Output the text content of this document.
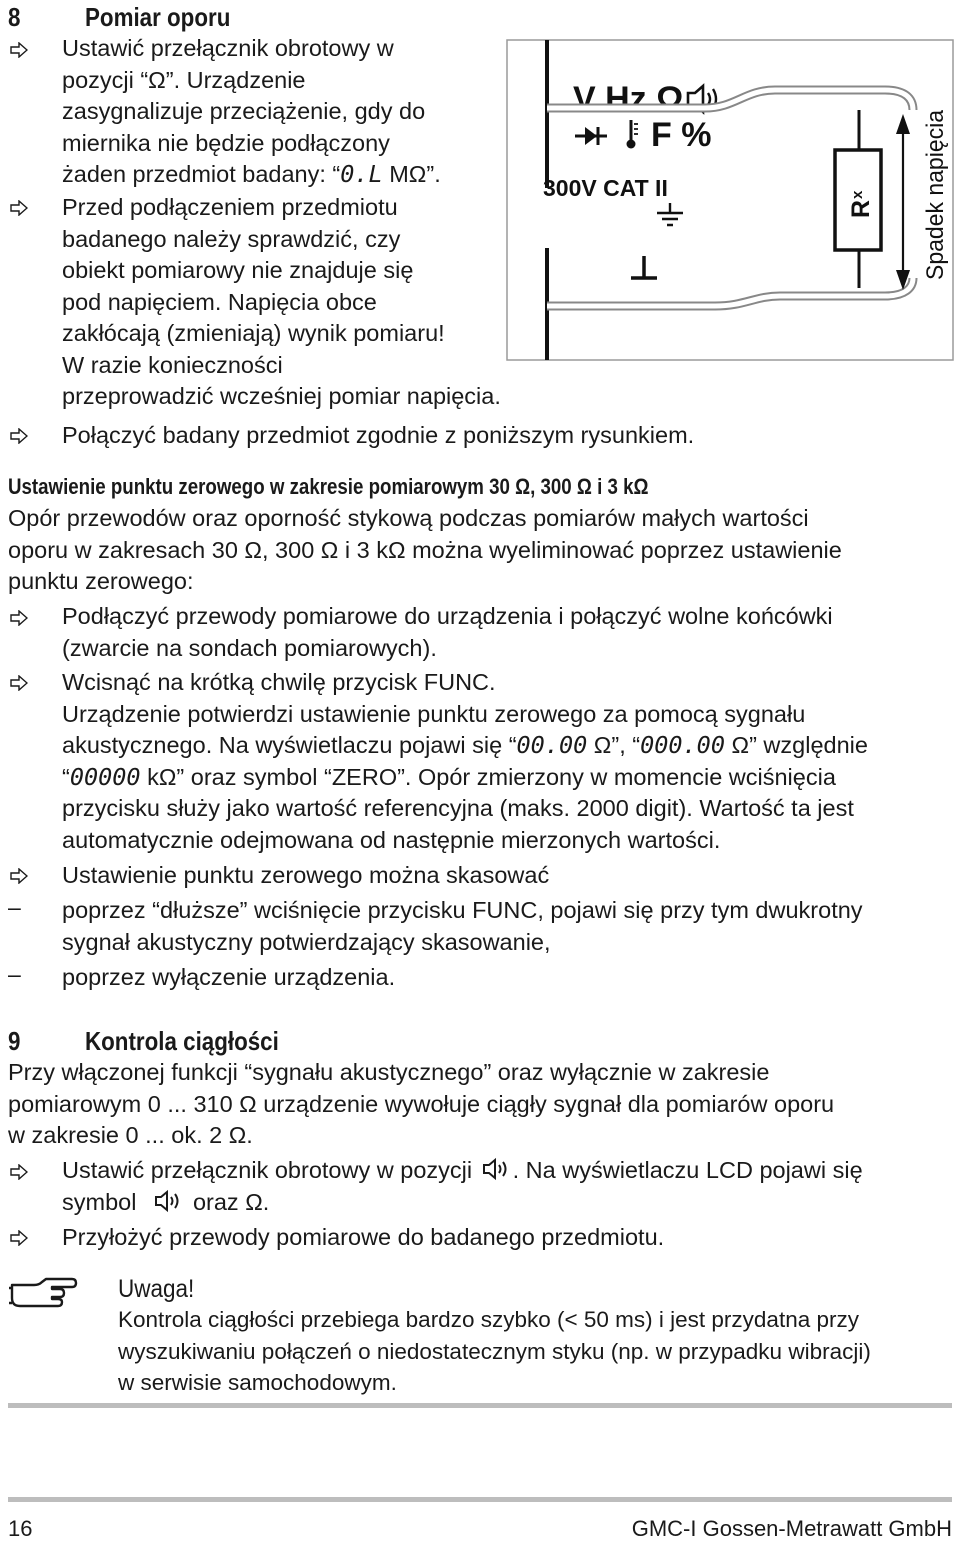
8 Pomiar oporu
Ustawić przełącznik obrotowy w
pozycji “Ω”. Urządzenie
zasygnalizuje przeciążenie, gdy do
miernika nie będzie podłączony
żaden przedmiot badany: “0.L MΩ”.
Przed podłączeniem przedmiotu
badanego należy sprawdzić, czy
obiekt pomiarowy nie znajduje się
pod napięciem. Napięcia obce
zakłócają (zmieniają) wynik pomiaru!
W razie konieczności
przeprowadzić wcześniej pomiar napięcia.
Połączyć badany przedmiot zgodnie z poniższym rysunkiem.
V Hz Ω
F %
300V CAT II
$R^x$	Spadek napięcia
Ustawienie punktu zerowego w zakresie pomiarowym 30 Ω, 300 Ω i 3 kΩ
Opór przewodów oraz oporność stykową podczas pomiarów małych wartości
oporu w zakresach 30 Ω, 300 Ω i 3 kΩ można wyeliminować poprzez ustawienie
punktu zerowego:
Podłączyć przewody pomiarowe do urządzenia i połączyć wolne końcówki
(zwarcie na sondach pomiarowych).
Wcisnąć na krótką chwilę przycisk FUNC.
Urządzenie potwierdzi ustawienie punktu zerowego za pomocą sygnału
akustycznego. Na wyświetlaczu pojawi się “00.00 Ω”, “000.00 Ω” względnie
“00000 kΩ” oraz symbol “ZERO”. Opór zmierzony w momencie wciśnięcia
przycisku służy jako wartość referencyjna (maks. 2000 digit). Wartość ta jest
automatycznie odejmowana od następnie mierzonych wartości.
Ustawienie punktu zerowego można skasować
– poprzez “dłuższe” wciśnięcie przycisku FUNC, pojawi się przy tym dwukrotny
sygnał akustyczny potwierdzający skasowanie,
– poprzez wyłączenie urządzenia.
9 Kontrola ciągłości
Przy włączonej funkcji “sygnału akustycznego” oraz wyłącznie w zakresie
pomiarowym 0 ... 310 Ω urządzenie wywołuje ciągły sygnał dla pomiarów oporu
w zakresie 0 ... ok. 2 Ω.
Ustawić przełącznik obrotowy w pozycji . Na wyświetlaczu LCD pojawi się
symbol oraz Ω.
Przyłożyć przewody pomiarowe do badanego przedmiotu.
Uwaga!
Kontrola ciągłości przebiega bardzo szybko (< 50 ms) i jest przydatna przy
wyszukiwaniu połączeń o niedostatecznym styku (np. w przypadku wibracji)
w serwisie samochodowym.
16	GMC-I Gossen-Metrawatt GmbH
